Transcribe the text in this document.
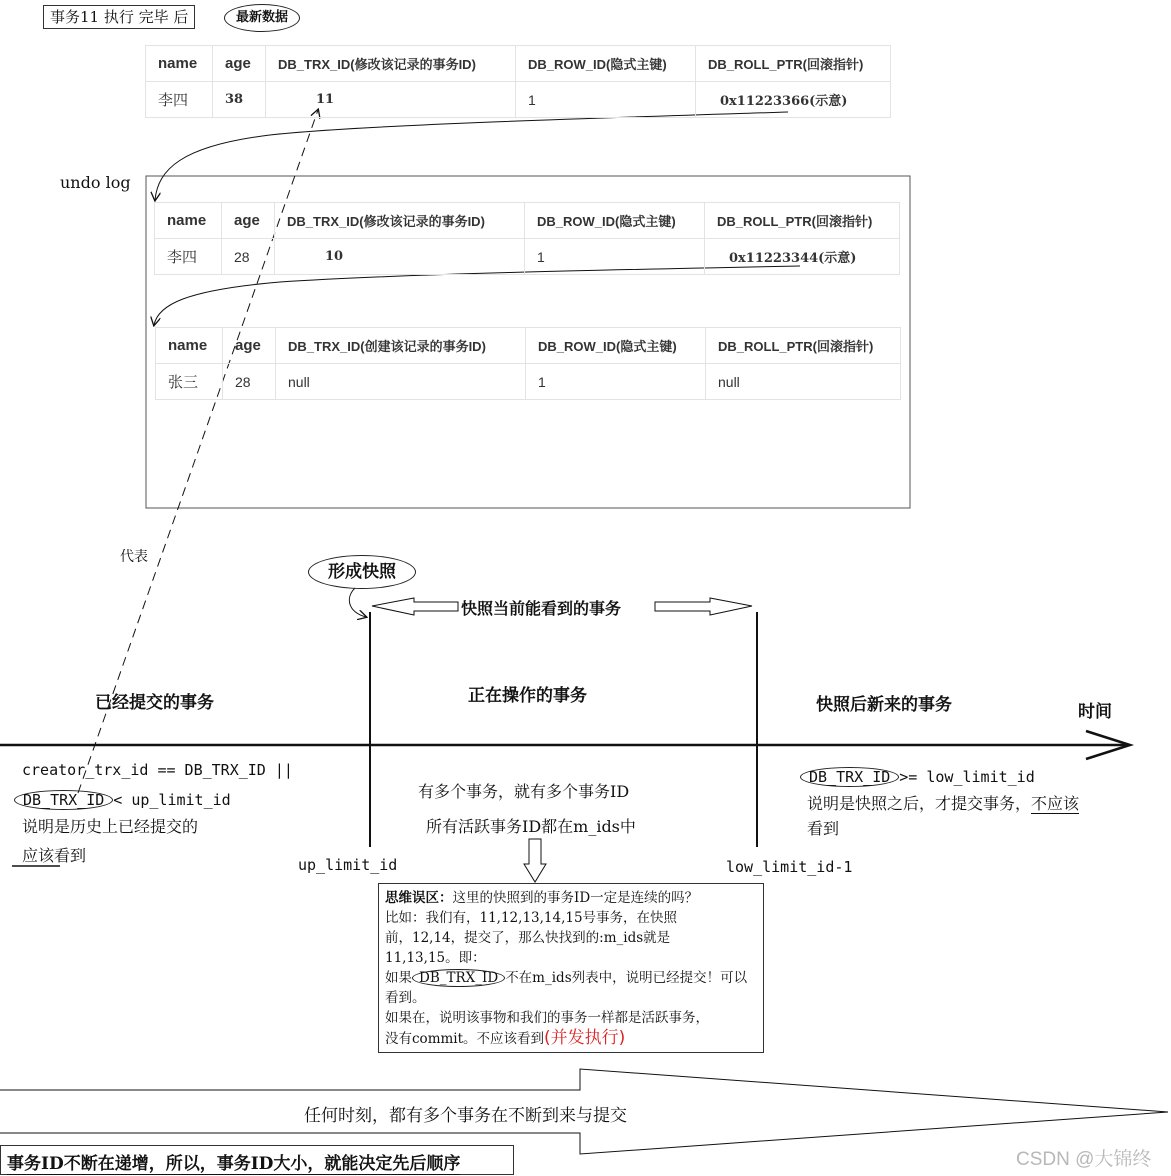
事务11 执行 完毕 后	最新数据
name	age	DB_TRX_ID(修改该记录的事务ID)	DB_ROW_ID(隐式主键)	DB_ROLL_PTR(回滚指针)
李四	38	11	1	0x11223366(示意)
undo log
name	age	DB_TRX_ID(修改该记录的事务ID)	DB_ROW_ID(隐式主键)	DB_ROLL_PTR(回滚指针)
李四	28	10	1	0x11223344(示意)
name	age	DB_TRX_ID(创建该记录的事务ID)	DB_ROW_ID(隐式主键)	DB_ROLL_PTR(回滚指针)
张三	28	null	1	null
代表
形成快照
快照当前能看到的事务
已经提交的事务	正在操作的事务	快照后新来的事务	时间
creator_trx_id == DB_TRX_ID ||
DB_TRX_ID < up_limit_id
说明是历史上已经提交的
应该看到
有多个事务，就有多个事务ID
所有活跃事务ID都在m_ids中
up_limit_id	low_limit_id-1
DB_TRX_ID >= low_limit_id
说明是快照之后，才提交事务，不应该
看到
思维误区：这里的快照到的事务ID一定是连续的吗？
比如：我们有，11,12,13,14,15号事务，在快照
前，12,14，提交了，那么快找到的:m_ids就是
11,13,15。即：
如果 DB_TRX_ID 不在m_ids列表中，说明已经提交！可以
看到。
如果在，说明该事物和我们的事务一样都是活跃事务，
没有commit。不应该看到(并发执行)
任何时刻，都有多个事务在不断到来与提交
事务ID不断在递增，所以，事务ID大小，就能决定先后顺序	CSDN @大锦终
